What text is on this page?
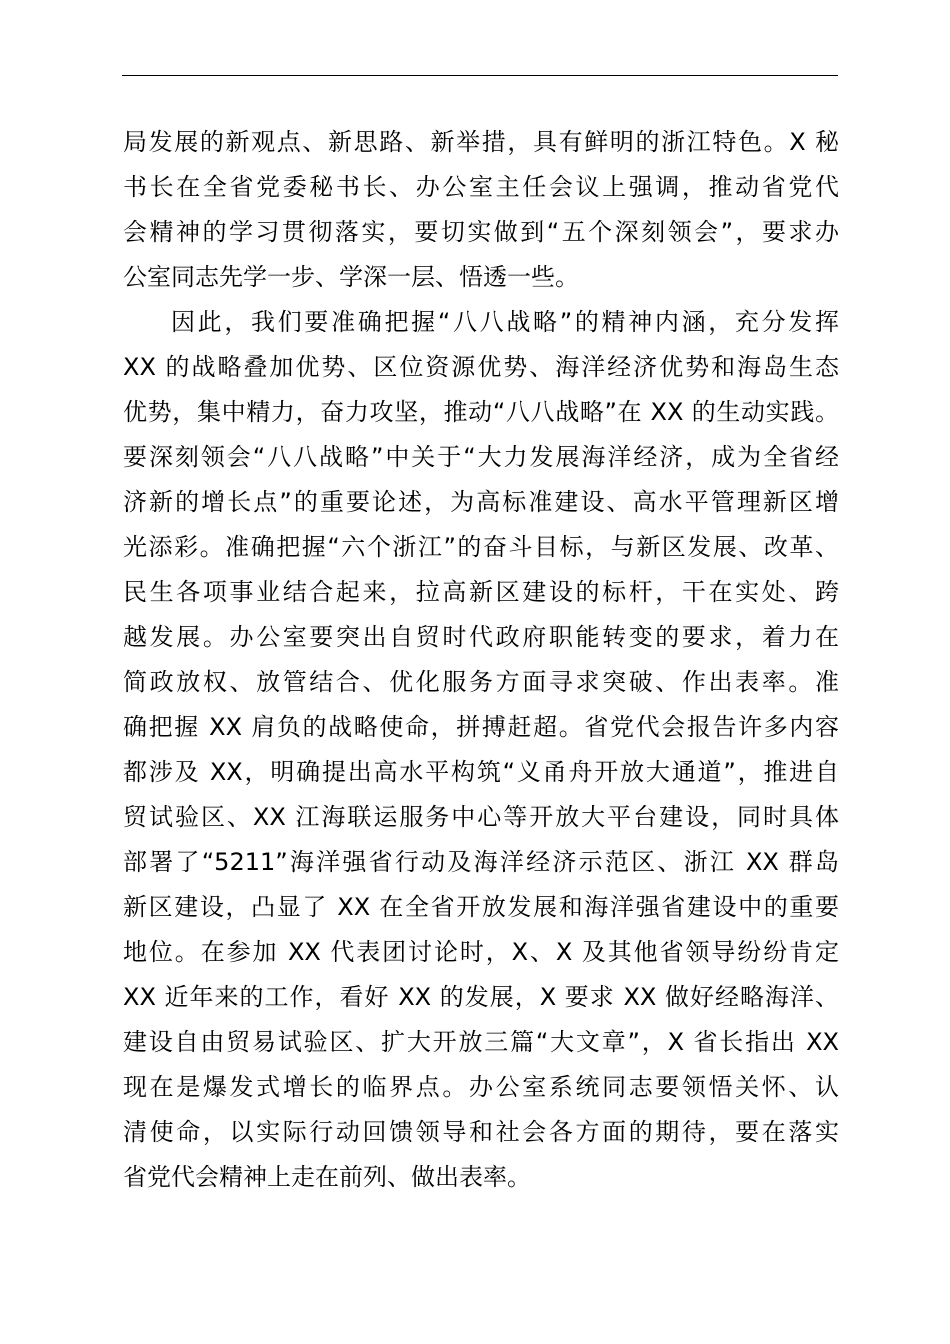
局发展的新观点、新思路、新举措，具有鲜明的浙江特色。X 秘
书长在全省党委秘书长、办公室主任会议上强调，推动省党代
会精神的学习贯彻落实，要切实做到“五个深刻领会”，要求办
公室同志先学一步、学深一层、悟透一些。
因此，我们要准确把握“八八战略”的精神内涵，充分发挥
XX 的战略叠加优势、区位资源优势、海洋经济优势和海岛生态
优势，集中精力，奋力攻坚，推动“八八战略”在 XX 的生动实践。
要深刻领会“八八战略”中关于“大力发展海洋经济，成为全省经
济新的增长点”的重要论述，为高标准建设、高水平管理新区增
光添彩。准确把握“六个浙江”的奋斗目标，与新区发展、改革、
民生各项事业结合起来，拉高新区建设的标杆，干在实处、跨
越发展。办公室要突出自贸时代政府职能转变的要求，着力在
简政放权、放管结合、优化服务方面寻求突破、作出表率。准
确把握 XX 肩负的战略使命，拼搏赶超。省党代会报告许多内容
都涉及 XX，明确提出高水平构筑“义甬舟开放大通道”，推进自
贸试验区、XX 江海联运服务中心等开放大平台建设，同时具体
部署了“5211”海洋强省行动及海洋经济示范区、浙江 XX 群岛
新区建设，凸显了 XX 在全省开放发展和海洋强省建设中的重要
地位。在参加 XX 代表团讨论时，X、X 及其他省领导纷纷肯定
XX 近年来的工作，看好 XX 的发展，X 要求 XX 做好经略海洋、
建设自由贸易试验区、扩大开放三篇“大文章”，X 省长指出 XX
现在是爆发式增长的临界点。办公室系统同志要领悟关怀、认
清使命，以实际行动回馈领导和社会各方面的期待，要在落实
省党代会精神上走在前列、做出表率。
